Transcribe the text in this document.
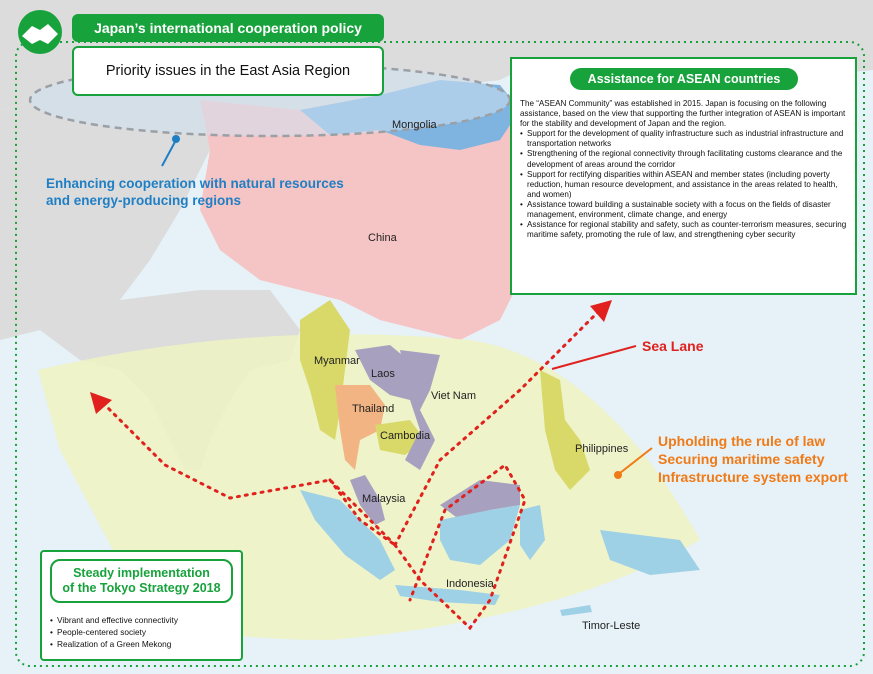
Japan’s international cooperation policy
Priority issues in the East Asia Region
Enhancing cooperation with natural resources
and energy-producing regions
Assistance for ASEAN countries

The “ASEAN Community” was established in 2015. Japan is focusing on the following assistance, based on the view that supporting the further integration of ASEAN is important for the stability and development of Japan and the region.

• Support for the development of quality infrastructure such as industrial infrastructure and transportation networks
• Strengthening of the regional connectivity through facilitating customs clearance and the development of areas around the corridor
• Support for rectifying disparities within ASEAN and member states (including poverty reduction, human resource development, and assistance in the areas related to health, and women)
• Assistance toward building a sustainable society with a focus on the fields of disaster management, environment, climate change, and energy
• Assistance for regional stability and safety, such as counter-terrorism measures, securing maritime safety, promoting the rule of law, and strengthening cyber security
Steady implementation
of the Tokyo Strategy 2018
• Vibrant and effective connectivity
• People-centered society
• Realization of a Green Mekong
Sea Lane
Upholding the rule of law
Securing maritime safety
Infrastructure system export
Mongolia
China
Myanmar
Laos
Viet Nam
Thailand
Cambodia
Philippines
Malaysia
Indonesia
Timor-Leste
